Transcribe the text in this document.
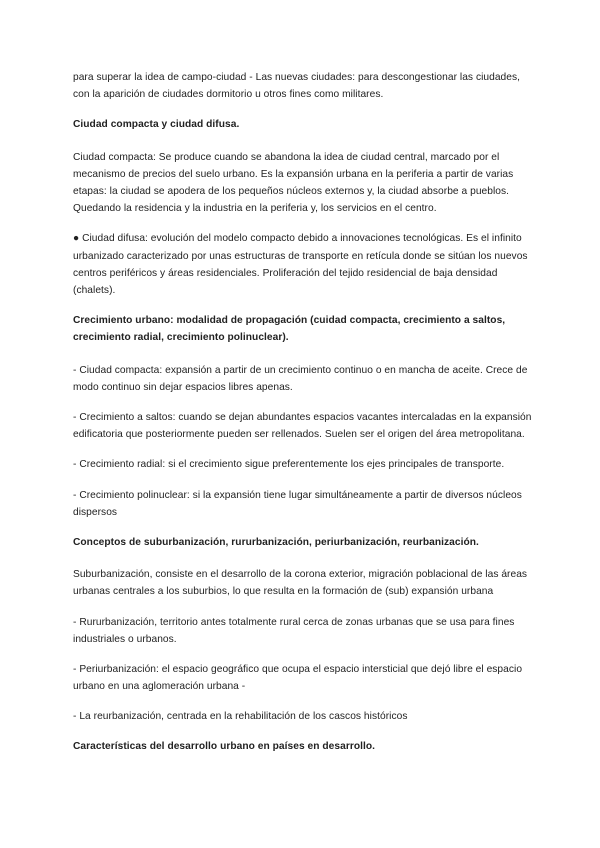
para superar la idea de campo-ciudad - Las nuevas ciudades: para descongestionar las ciudades, con la aparición de ciudades dormitorio u otros fines como militares.

Ciudad compacta y ciudad difusa.

Ciudad compacta: Se produce cuando se abandona la idea de ciudad central, marcado por el mecanismo de precios del suelo urbano. Es la expansión urbana en la periferia a partir de varias etapas: la ciudad se apodera de los pequeños núcleos externos y, la ciudad absorbe a pueblos. Quedando la residencia y la industria en la periferia y, los servicios en el centro.

● Ciudad difusa: evolución del modelo compacto debido a innovaciones tecnológicas. Es el infinito urbanizado caracterizado por unas estructuras de transporte en retícula donde se sitúan los nuevos centros periféricos y áreas residenciales. Proliferación del tejido residencial de baja densidad (chalets).

Crecimiento urbano: modalidad de propagación (cuidad compacta, crecimiento a saltos, crecimiento radial, crecimiento polinuclear).

- Ciudad compacta: expansión a partir de un crecimiento continuo o en mancha de aceite. Crece de modo continuo sin dejar espacios libres apenas.

- Crecimiento a saltos: cuando se dejan abundantes espacios vacantes intercaladas en la expansión edificatoria que posteriormente pueden ser rellenados. Suelen ser el origen del área metropolitana.

- Crecimiento radial: si el crecimiento sigue preferentemente los ejes principales de transporte.

- Crecimiento polinuclear: si la expansión tiene lugar simultáneamente a partir de diversos núcleos dispersos

Conceptos de suburbanización, rururbanización, periurbanización, reurbanización.

Suburbanización, consiste en el desarrollo de la corona exterior, migración poblacional de las áreas urbanas centrales a los suburbios, lo que resulta en la formación de (sub) expansión urbana

- Rururbanización, territorio antes totalmente rural cerca de zonas urbanas que se usa para fines industriales o urbanos.

- Periurbanización: el espacio geográfico que ocupa el espacio intersticial que dejó libre el espacio urbano en una aglomeración urbana -

- La reurbanización, centrada en la rehabilitación de los cascos históricos

Características del desarrollo urbano en países en desarrollo.
